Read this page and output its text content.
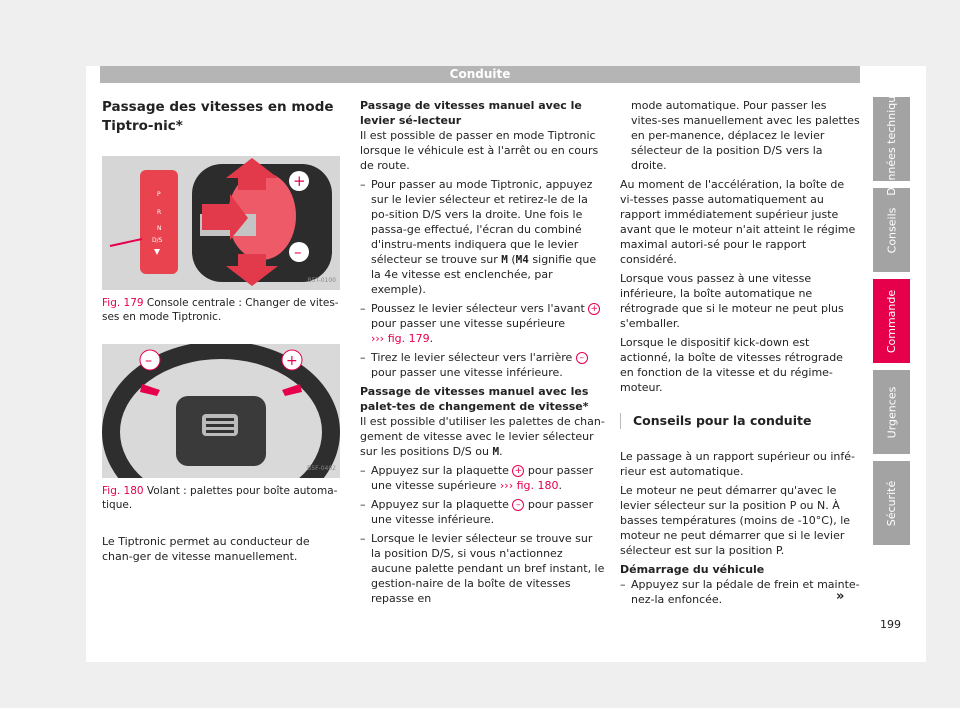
Conduite
Données techniques
Conseils
Commande
Urgences
Sécurité
Passage des vitesses en mode Tiptro-nic*
P
R
N
D/S
+
–
B5T-0100
Fig. 179 Console centrale : Changer de vites-ses en mode Tiptronic.
–	+
B5F-0402
Fig. 180 Volant : palettes pour boîte automa-tique.

Le Tiptronic permet au conducteur de chan-ger de vitesse manuellement.

Passage de vitesses manuel avec le levier sé-lecteur

Il est possible de passer en mode Tiptronic lorsque le véhicule est à l'arrêt ou en cours de route.

– Pour passer au mode Tiptronic, appuyez sur le levier sélecteur et retirez-le de la po-sition D/S vers la droite. Une fois le passa-ge effectué, l'écran du combiné d'instru-ments indiquera que le levier sélecteur se trouve sur M (M4 signifie que la 4e vitesse est enclenchée, par exemple).
– Poussez le levier sélecteur vers l'avant + pour passer une vitesse supérieure
››› fig. 179.
– Tirez le levier sélecteur vers l'arrière – pour passer une vitesse inférieure.

Passage de vitesses manuel avec les palet-tes de changement de vitesse*

Il est possible d'utiliser les palettes de chan-gement de vitesse avec le levier sélecteur sur les positions D/S ou M.

– Appuyez sur la plaquette + pour passer une vitesse supérieure ››› fig. 180.
– Appuyez sur la plaquette – pour passer une vitesse inférieure.
– Lorsque le levier sélecteur se trouve sur la position D/S, si vous n'actionnez aucune palette pendant un bref instant, le gestion-naire de la boîte de vitesses repasse en

mode automatique. Pour passer les vites-ses manuellement avec les palettes en per-manence, déplacez le levier sélecteur de la position D/S vers la droite.

Au moment de l'accélération, la boîte de vi-tesses passe automatiquement au rapport immédiatement supérieur juste avant que le moteur n'ait atteint le régime maximal autori-sé pour le rapport considéré.

Lorsque vous passez à une vitesse inférieure, la boîte automatique ne rétrograde que si le moteur ne peut plus s'emballer.

Lorsque le dispositif kick-down est actionné, la boîte de vitesses rétrograde en fonction de la vitesse et du régime-moteur.

Conseils pour la conduite

Le passage à un rapport supérieur ou infé-rieur est automatique.

Le moteur ne peut démarrer qu'avec le levier sélecteur sur la position P ou N. À basses températures (moins de -10°C), le moteur ne peut démarrer que si le levier sélecteur est sur la position P.

Démarrage du véhicule

– Appuyez sur la pédale de frein et mainte-nez-la enfoncée.	»
199
